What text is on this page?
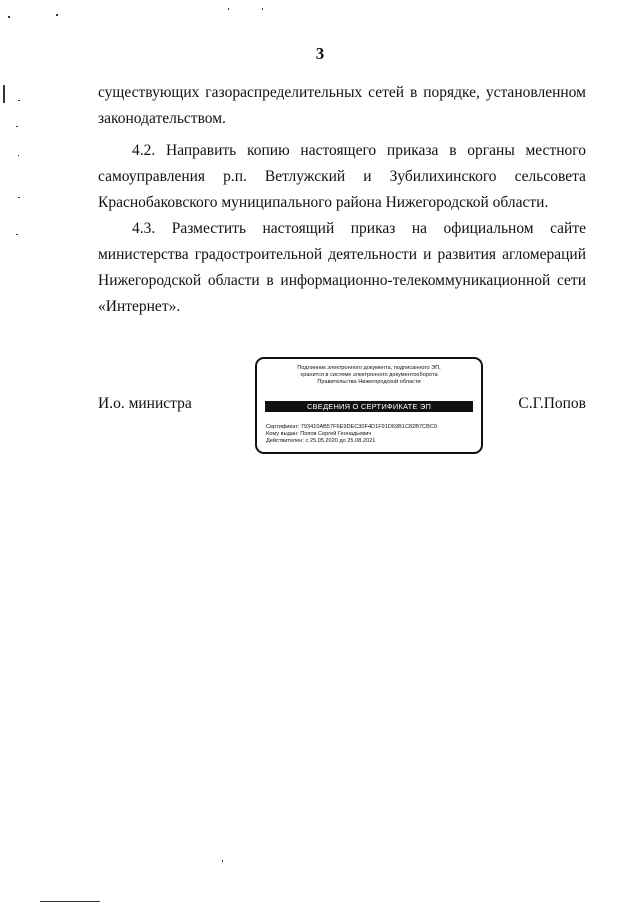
3
существующих газораспределительных сетей в порядке, установленном
законодательством.
4.2. Направить копию настоящего приказа в органы местного
самоуправления р.п. Ветлужский и Зубилихинского сельсовета
Краснобаковского муниципального района Нижегородской области.
4.3. Разместить настоящий приказ на официальном сайте министерства градостроительной деятельности и развития агломераций Нижегородской области в информационно-телекоммуникационной сети «Интернет».
И.о. министра	С.Г.Попов
Подлинник электронного документа, подписанного ЭП,
хранится в системе электронного документооборота
Правительства Нижегородской области
СВЕДЕНИЯ О СЕРТИФИКАТЕ ЭП
Сертификат: 793410AB57F6E9DEC30F4D1F91D69B1C82B7CBC0
Кому выдан: Попов Сергей Геннадьевич
Действителен: с 25.05.2020 до 25.08.2021
